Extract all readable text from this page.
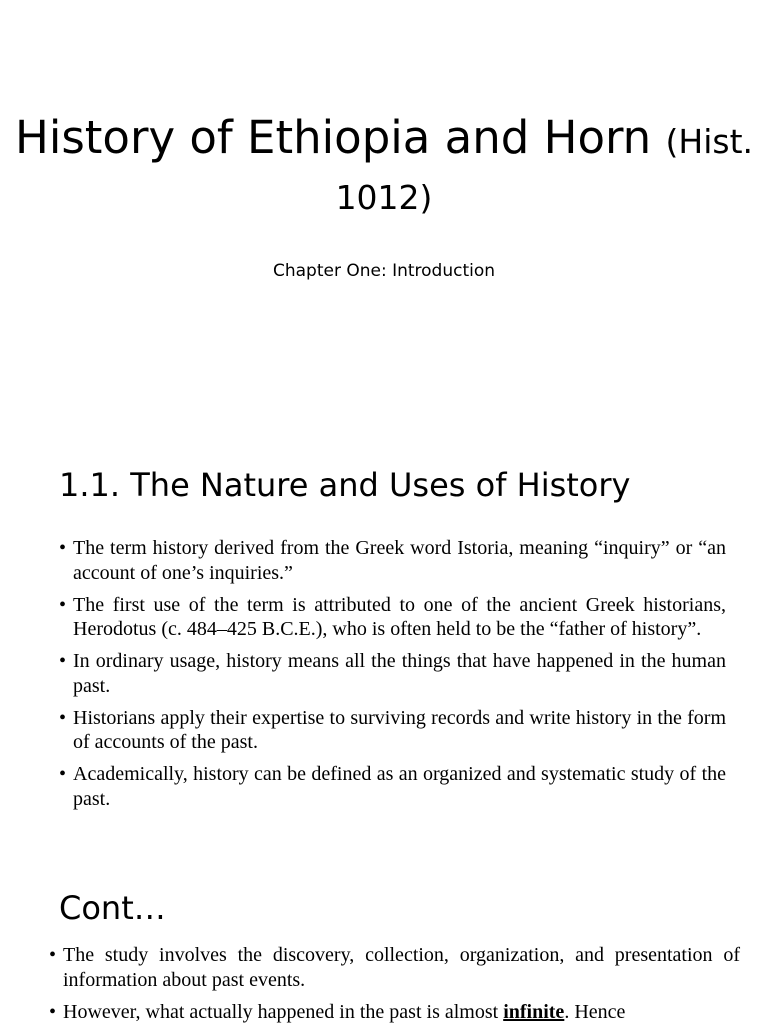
History of Ethiopia and Horn (Hist. 1012)

Chapter One: Introduction

1.1. The Nature and Uses of History
• The term history derived from the Greek word Istoria, meaning “inquiry” or “an account of one’s inquiries.”
• The first use of the term is attributed to one of the ancient Greek historians, Herodotus (c. 484–425 B.C.E.), who is often held to be the “father of history”.
• In ordinary usage, history means all the things that have happened in the human past.
• Historians apply their expertise to surviving records and write history in the form of accounts of the past.
• Academically, history can be defined as an organized and systematic study of the past.
Cont…
• The study involves the discovery, collection, organization, and presentation of information about past events.
• However, what actually happened in the past is almost infinite. Hence
